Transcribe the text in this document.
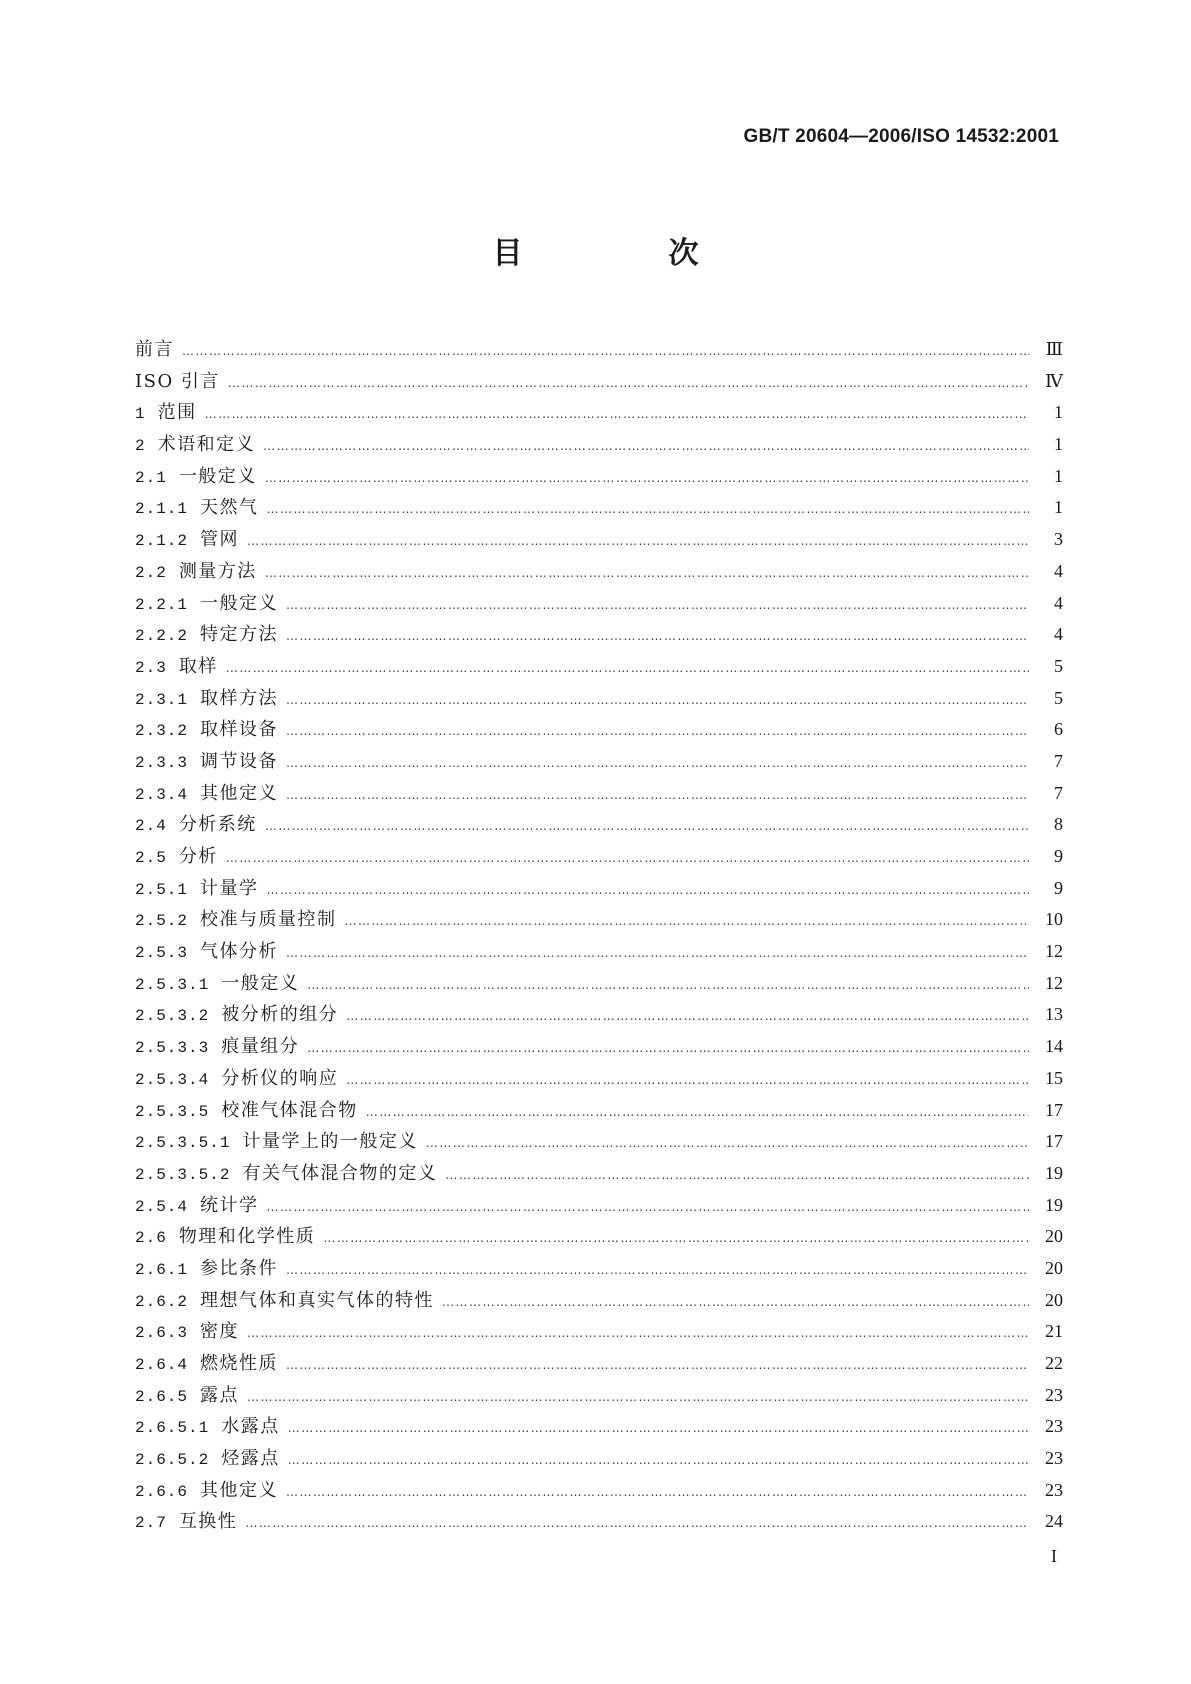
GB/T 20604—2006/ISO 14532:2001
目　次
前言 ……………………………………………………………………………………………………………………………………………………………………………………………………………………………………………………	Ⅲ
ISO 引言 ……………………………………………………………………………………………………………………………………………………………………………………………………………………………………………………	Ⅳ
1 范围 ……………………………………………………………………………………………………………………………………………………………………………………………………………………………………………………	1
2 术语和定义 ……………………………………………………………………………………………………………………………………………………………………………………………………………………………………………………	1
2.1 一般定义 ……………………………………………………………………………………………………………………………………………………………………………………………………………………………………………………	1
2.1.1 天然气 ……………………………………………………………………………………………………………………………………………………………………………………………………………………………………………………	1
2.1.2 管网 ……………………………………………………………………………………………………………………………………………………………………………………………………………………………………………………	3
2.2 测量方法 ……………………………………………………………………………………………………………………………………………………………………………………………………………………………………………………	4
2.2.1 一般定义 ……………………………………………………………………………………………………………………………………………………………………………………………………………………………………………………	4
2.2.2 特定方法 ……………………………………………………………………………………………………………………………………………………………………………………………………………………………………………………	4
2.3 取样 ……………………………………………………………………………………………………………………………………………………………………………………………………………………………………………………	5
2.3.1 取样方法 ……………………………………………………………………………………………………………………………………………………………………………………………………………………………………………………	5
2.3.2 取样设备 ……………………………………………………………………………………………………………………………………………………………………………………………………………………………………………………	6
2.3.3 调节设备 ……………………………………………………………………………………………………………………………………………………………………………………………………………………………………………………	7
2.3.4 其他定义 ……………………………………………………………………………………………………………………………………………………………………………………………………………………………………………………	7
2.4 分析系统 ……………………………………………………………………………………………………………………………………………………………………………………………………………………………………………………	8
2.5 分析 ……………………………………………………………………………………………………………………………………………………………………………………………………………………………………………………	9
2.5.1 计量学 ……………………………………………………………………………………………………………………………………………………………………………………………………………………………………………………	9
2.5.2 校准与质量控制 ……………………………………………………………………………………………………………………………………………………………………………………………………………………………………………………	10
2.5.3 气体分析 ……………………………………………………………………………………………………………………………………………………………………………………………………………………………………………………	12
2.5.3.1 一般定义 ……………………………………………………………………………………………………………………………………………………………………………………………………………………………………………………	12
2.5.3.2 被分析的组分 ……………………………………………………………………………………………………………………………………………………………………………………………………………………………………………………	13
2.5.3.3 痕量组分 ……………………………………………………………………………………………………………………………………………………………………………………………………………………………………………………	14
2.5.3.4 分析仪的响应 ……………………………………………………………………………………………………………………………………………………………………………………………………………………………………………………	15
2.5.3.5 校准气体混合物 ……………………………………………………………………………………………………………………………………………………………………………………………………………………………………………………	17
2.5.3.5.1 计量学上的一般定义 ……………………………………………………………………………………………………………………………………………………………………………………………………………………………………………………	17
2.5.3.5.2 有关气体混合物的定义 ……………………………………………………………………………………………………………………………………………………………………………………………………………………………………………………	19
2.5.4 统计学 ……………………………………………………………………………………………………………………………………………………………………………………………………………………………………………………	19
2.6 物理和化学性质 ……………………………………………………………………………………………………………………………………………………………………………………………………………………………………………………	20
2.6.1 参比条件 ……………………………………………………………………………………………………………………………………………………………………………………………………………………………………………………	20
2.6.2 理想气体和真实气体的特性 ……………………………………………………………………………………………………………………………………………………………………………………………………………………………………………………	20
2.6.3 密度 ……………………………………………………………………………………………………………………………………………………………………………………………………………………………………………………	21
2.6.4 燃烧性质 ……………………………………………………………………………………………………………………………………………………………………………………………………………………………………………………	22
2.6.5 露点 ……………………………………………………………………………………………………………………………………………………………………………………………………………………………………………………	23
2.6.5.1 水露点 ……………………………………………………………………………………………………………………………………………………………………………………………………………………………………………………	23
2.6.5.2 烃露点 ……………………………………………………………………………………………………………………………………………………………………………………………………………………………………………………	23
2.6.6 其他定义 ……………………………………………………………………………………………………………………………………………………………………………………………………………………………………………………	23
2.7 互换性 ……………………………………………………………………………………………………………………………………………………………………………………………………………………………………………………	24
I
